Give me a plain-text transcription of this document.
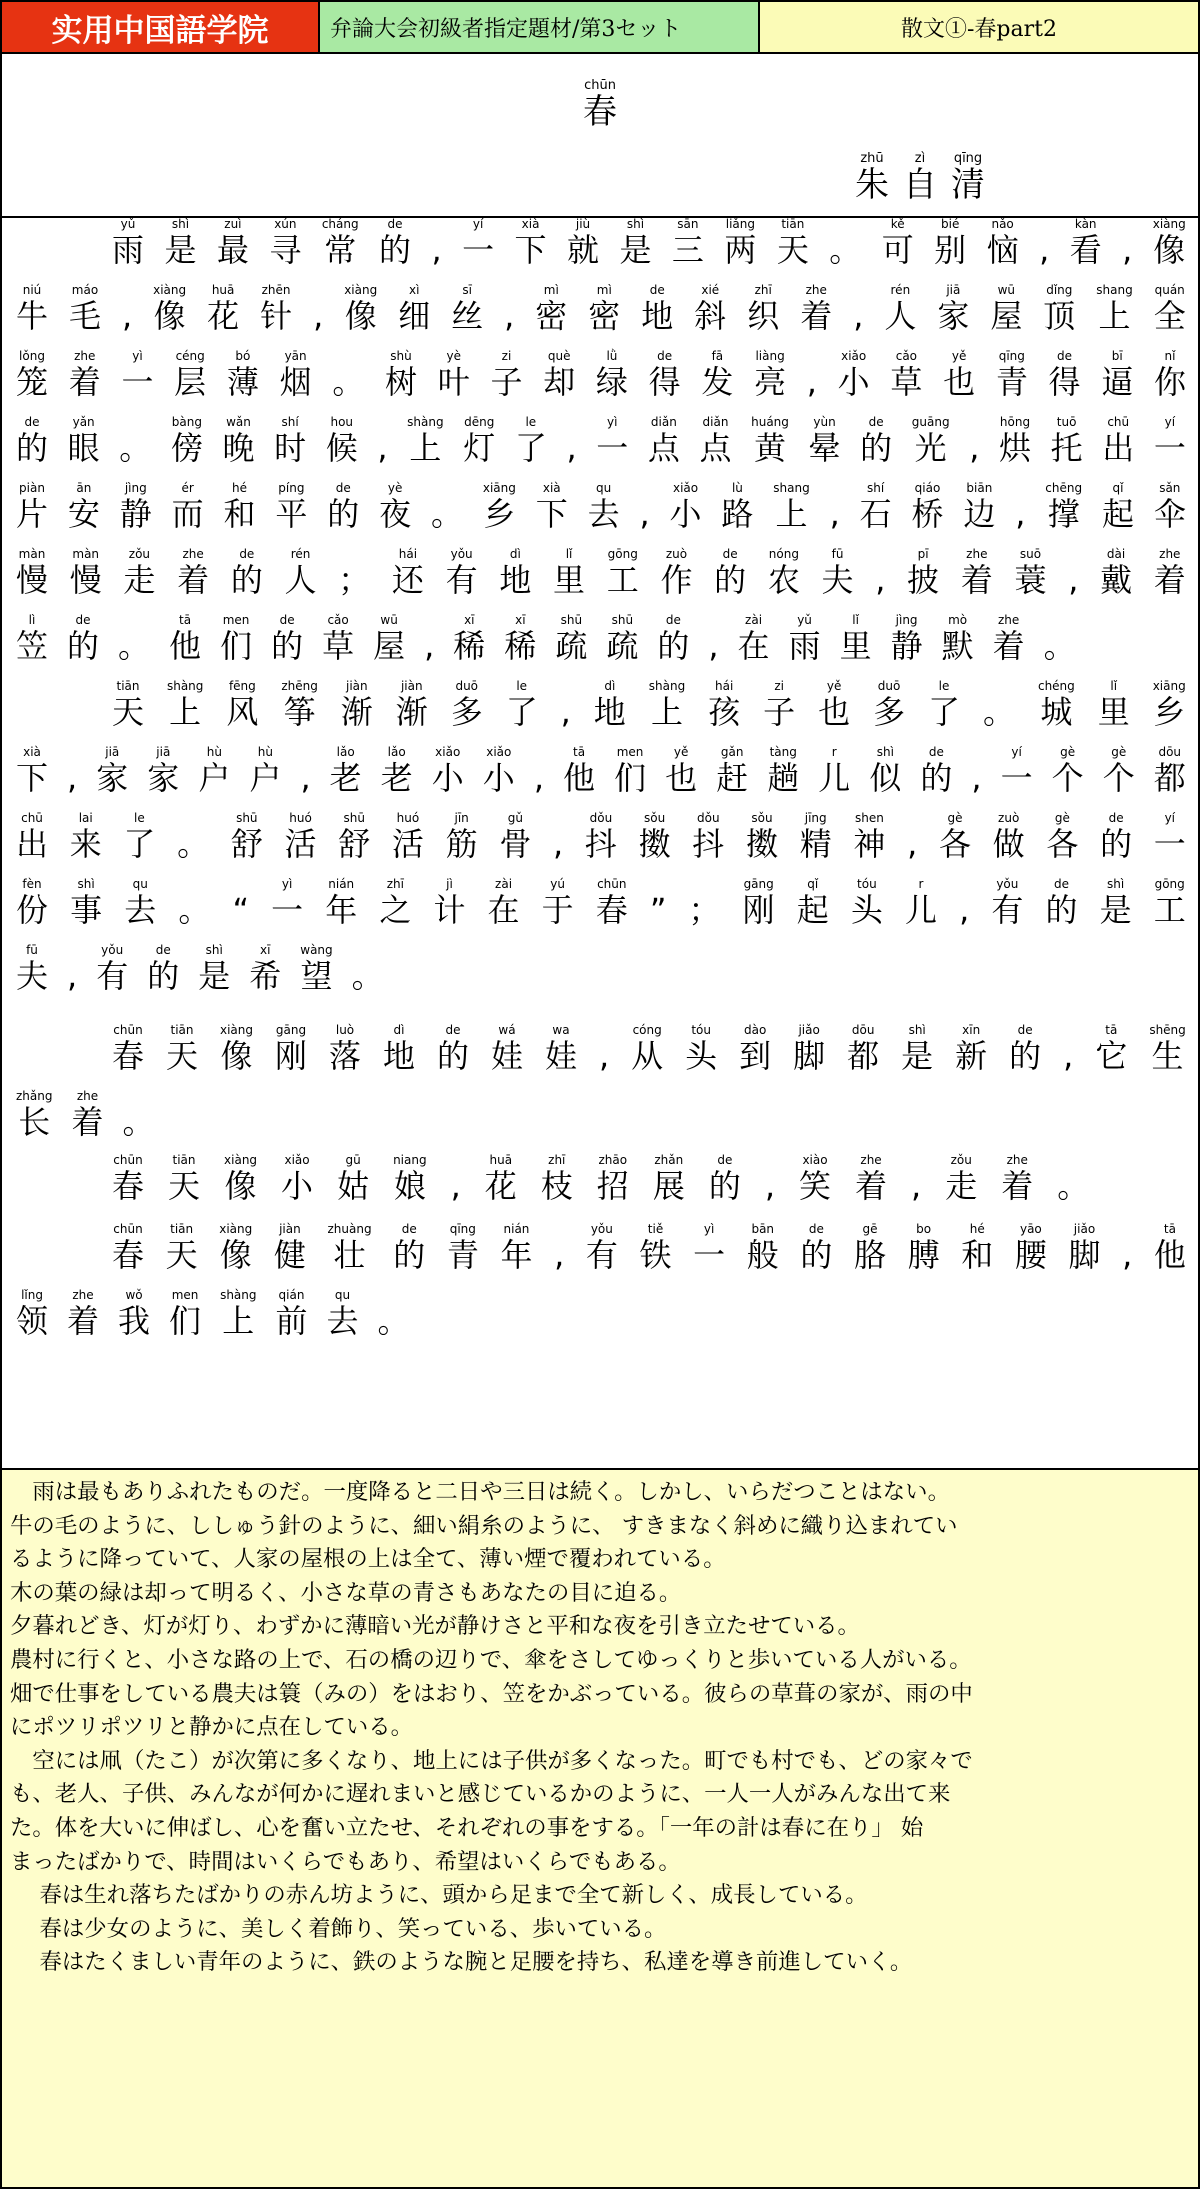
实用中国語学院	弁論大会初級者指定題材/第3セット	散文①-春part2
chūn
春
zhū
朱
zì
自
qīng
清
yǔ
雨
shì
是
zuì
最
xún
寻
cháng
常
de
的 ,
yí
一
xià
下
jiù
就
shì
是
sān
三
liǎng
两
tiān
天 。
kě
可
bié
别
nǎo
恼 ,
kàn
看 ,
xiàng
像
niú
牛
máo
毛 ,
xiàng
像
huā
花
zhēn
针 ,
xiàng
像
xì
细
sī
丝 ,
mì
密
mì
密
de
地
xié
斜
zhī
织
zhe
着 ,
rén
人
jiā
家
wū
屋
dǐng
顶
shang
上
quán
全
lǒng
笼
zhe
着
yì
一
céng
层
bó
薄
yān
烟 。
shù
树
yè
叶
zi
子
què
却
lǜ
绿
de
得
fā
发
liàng
亮 ,
xiǎo
小
cǎo
草
yě
也
qīng
青
de
得
bī
逼
nǐ
你
de
的
yǎn
眼 。
bàng
傍
wǎn
晚
shí
时
hou
候 ,
shàng
上
dēng
灯
le
了 ,
yì
一
diǎn
点
diǎn
点
huáng
黄
yùn
晕
de
的
guāng
光 ,
hōng
烘
tuō
托
chū
出
yí
一
piàn
片
ān
安
jìng
静
ér
而
hé
和
píng
平
de
的
yè
夜 。
xiāng
乡
xià
下
qu
去 ,
xiǎo
小
lù
路
shang
上 ,
shí
石
qiáo
桥
biān
边 ,
chēng
撑
qǐ
起
sǎn
伞
màn
慢
màn
慢
zǒu
走
zhe
着
de
的
rén
人 ；
hái
还
yǒu
有
dì
地
lǐ
里
gōng
工
zuò
作
de
的
nóng
农
fū
夫 ,
pī
披
zhe
着
suō
蓑 ,
dài
戴
zhe
着
lì
笠
de
的 。
tā
他
men
们
de
的
cǎo
草
wū
屋 ,
xī
稀
xī
稀
shū
疏
shū
疏
de
的 ,
zài
在
yǔ
雨
lǐ
里
jìng
静
mò
默
zhe
着 。
tiān
天
shàng
上
fēng
风
zhēng
筝
jiàn
渐
jiàn
渐
duō
多
le
了 ,
dì
地
shàng
上
hái
孩
zi
子
yě
也
duō
多
le
了 。
chéng
城
lǐ
里
xiāng
乡
xià
下 ,
jiā
家
jiā
家
hù
户
hù
户 ,
lǎo
老
lǎo
老
xiǎo
小
xiǎo
小 ,
tā
他
men
们
yě
也
gǎn
赶
tàng
趟
r
儿
shì
似
de
的 ,
yí
一
gè
个
gè
个
dōu
都
chū
出
lai
来
le
了 。
shū
舒
huó
活
shū
舒
huó
活
jīn
筋
gǔ
骨 ,
dǒu
抖
sǒu
擞
dǒu
抖
sǒu
擞
jīng
精
shen
神 ,
gè
各
zuò
做
gè
各
de
的
yí
一
fèn
份
shì
事
qu
去 。 “
yì
一
nián
年
zhī
之
jì
计
zài
在
yú
于
chūn
春 ” ；
gāng
刚
qǐ
起
tóu
头
r
儿 ,
yǒu
有
de
的
shì
是
gōng
工
fū
夫 ,
yǒu
有
de
的
shì
是
xī
希
wàng
望 。
chūn
春
tiān
天
xiàng
像
gāng
刚
luò
落
dì
地
de
的
wá
娃
wa
娃 ,
cóng
从
tóu
头
dào
到
jiǎo
脚
dōu
都
shì
是
xīn
新
de
的 ,
tā
它
shēng
生
zhǎng
长
zhe
着 。
chūn
春
tiān
天
xiàng
像
xiǎo
小
gū
姑
niang
娘 ,
huā
花
zhī
枝
zhāo
招
zhǎn
展
de
的 ,
xiào
笑
zhe
着 ,
zǒu
走
zhe
着 。
chūn
春
tiān
天
xiàng
像
jiàn
健
zhuàng
壮
de
的
qīng
青
nián
年 ,
yǒu
有
tiě
铁
yì
一
bān
般
de
的
gē
胳
bo
膊
hé
和
yāo
腰
jiǎo
脚 ,
tā
他
lǐng
领
zhe
着
wǒ
我
men
们
shàng
上
qián
前
qu
去 。

　雨は最もありふれたものだ。一度降ると二日や三日は続く。しかし、いらだつことはない。

牛の毛のように、ししゅう針のように、細い絹糸のように、 すきまなく斜めに織り込まれてい

るように降っていて、人家の屋根の上は全て、薄い煙で覆われている。

木の葉の緑は却って明るく、小さな草の青さもあなたの目に迫る。

夕暮れどき、灯が灯り、わずかに薄暗い光が静けさと平和な夜を引き立たせている。

農村に行くと、小さな路の上で、石の橋の辺りで、傘をさしてゆっくりと歩いている人がいる。

畑で仕事をしている農夫は簑（みの）をはおり、笠をかぶっている。彼らの草葺の家が、雨の中

にポツリポツリと静かに点在している。

　空には凧（たこ）が次第に多くなり、地上には子供が多くなった。町でも村でも、どの家々で

も、老人、子供、みんなが何かに遅れまいと感じているかのように、一人一人がみんな出て来

た。体を大いに伸ばし、心を奮い立たせ、それぞれの事をする。「一年の計は春に在り」 始

まったばかりで、時間はいくらでもあり、希望はいくらでもある。

　 春は生れ落ちたばかりの赤ん坊ように、頭から足まで全て新しく、成長している。

　 春は少女のように、美しく着飾り、笑っている、歩いている。

　 春はたくましい青年のように、鉄のような腕と足腰を持ち、私達を導き前進していく。
